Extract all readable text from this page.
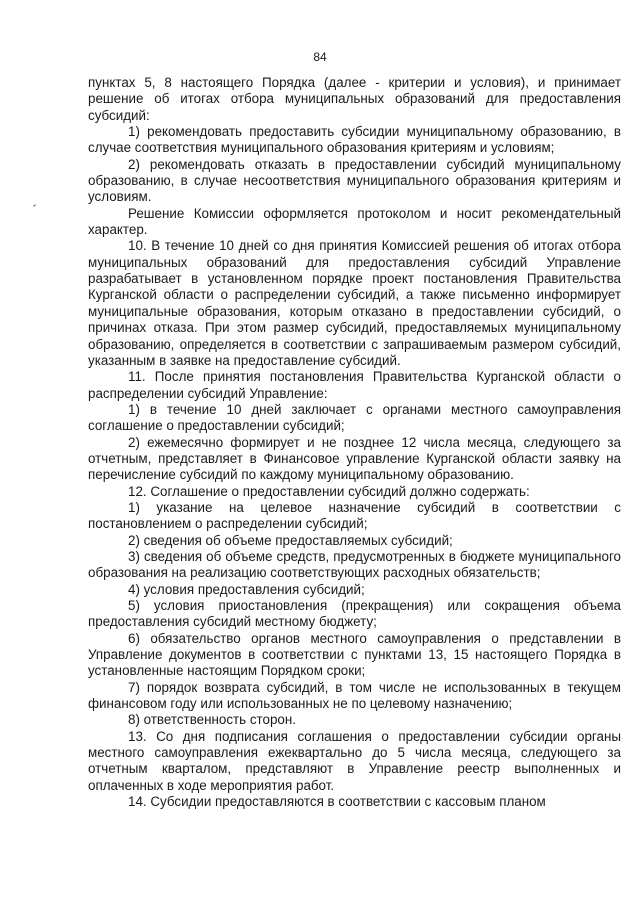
84

пунктах 5, 8 настоящего Порядка (далее - критерии и условия), и принимает решение об итогах отбора муниципальных образований для предоставления субсидий:

1) рекомендовать предоставить субсидии муниципальному образованию, в случае соответствия муниципального образования критериям и условиям;

2) рекомендовать отказать в предоставлении субсидий муниципальному образованию, в случае несоответствия муниципального образования критериям и условиям.

Решение Комиссии оформляется протоколом и носит рекомендательный характер.

10. В течение 10 дней со дня принятия Комиссией решения об итогах отбора муниципальных образований для предоставления субсидий Управление разрабатывает в установленном порядке проект постановления Правительства Курганской области о распределении субсидий, а также письменно информирует муниципальные образования, которым отказано в предоставлении субсидий, о причинах отказа. При этом размер субсидий, предоставляемых муниципальному образованию, определяется в соответствии с запрашиваемым размером субсидий, указанным в заявке на предоставление субсидий.

11. После принятия постановления Правительства Курганской области о распределении субсидий Управление:

1) в течение 10 дней заключает с органами местного самоуправления соглашение о предоставлении субсидий;

2) ежемесячно формирует и не позднее 12 числа месяца, следующего за отчетным, представляет в Финансовое управление Курганской области заявку на перечисление субсидий по каждому муниципальному образованию.

12. Соглашение о предоставлении субсидий должно содержать:

1) указание на целевое назначение субсидий в соответствии с постановлением о распределении субсидий;

2) сведения об объеме предоставляемых субсидий;

3) сведения об объеме средств, предусмотренных в бюджете муниципального образования на реализацию соответствующих расходных обязательств;

4) условия предоставления субсидий;

5) условия приостановления (прекращения) или сокращения объема предоставления субсидий местному бюджету;

6) обязательство органов местного самоуправления о представлении в Управление документов в соответствии с пунктами 13, 15 настоящего Порядка в установленные настоящим Порядком сроки;

7) порядок возврата субсидий, в том числе не использованных в текущем финансовом году или использованных не по целевому назначению;

8) ответственность сторон.

13. Со дня подписания соглашения о предоставлении субсидии органы местного самоуправления ежеквартально до 5 числа месяца, следующего за отчетным кварталом, представляют в Управление реестр выполненных и оплаченных в ходе мероприятия работ.

14. Субсидии предоставляются в соответствии с кассовым планом
